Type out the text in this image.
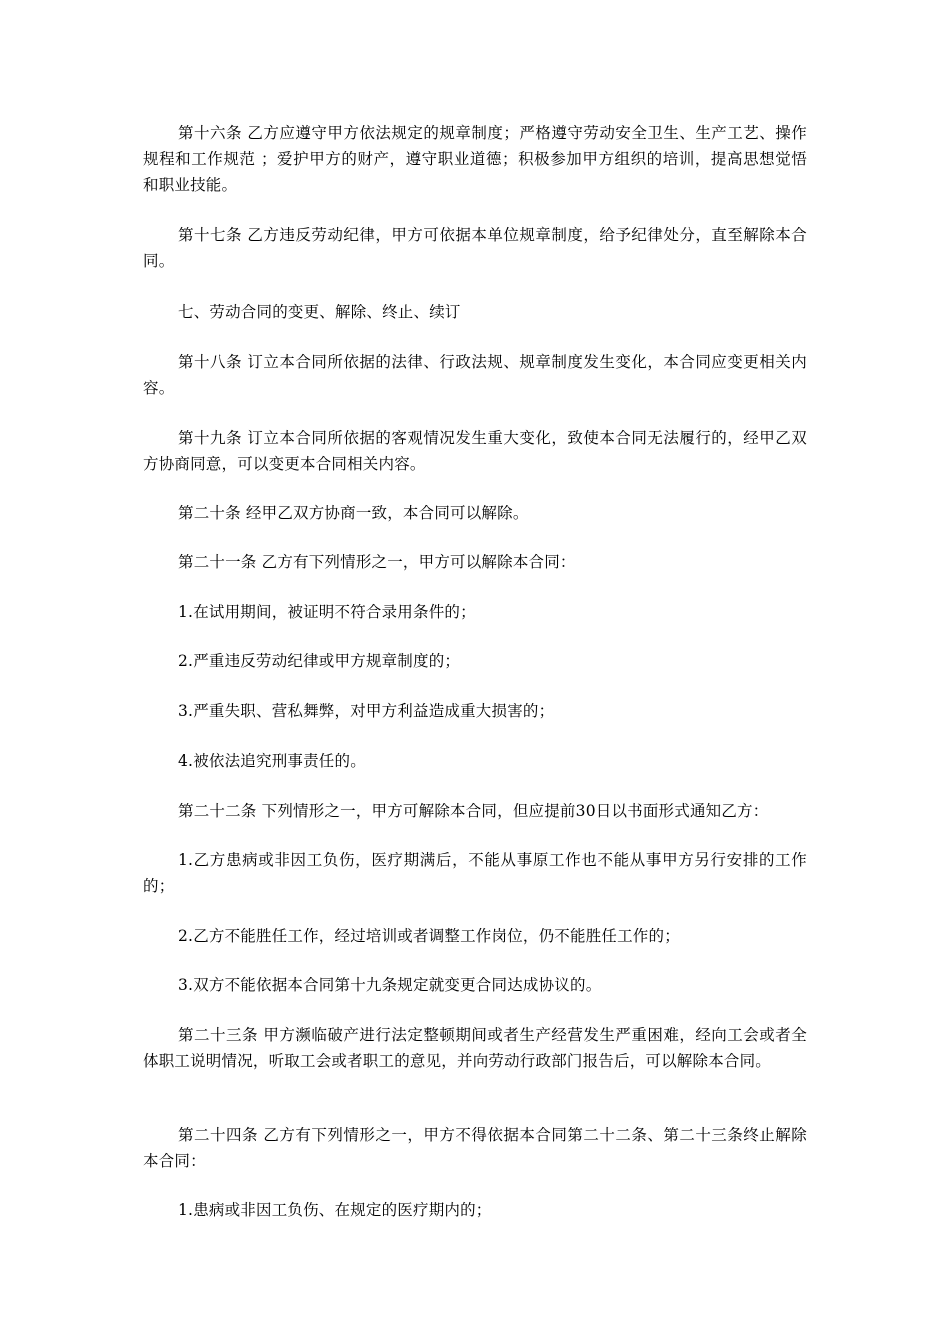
第十六条 乙方应遵守甲方依法规定的规章制度；严格遵守劳动安全卫生、生产工艺、操作规程和工作规范 ；爱护甲方的财产，遵守职业道德；积极参加甲方组织的培训，提高思想觉悟和职业技能。

第十七条 乙方违反劳动纪律，甲方可依据本单位规章制度，给予纪律处分，直至解除本合同。

七、劳动合同的变更、解除、终止、续订

第十八条 订立本合同所依据的法律、行政法规、规章制度发生变化，本合同应变更相关内容。

第十九条 订立本合同所依据的客观情况发生重大变化，致使本合同无法履行的，经甲乙双方协商同意，可以变更本合同相关内容。

第二十条 经甲乙双方协商一致，本合同可以解除。

第二十一条 乙方有下列情形之一，甲方可以解除本合同：

1.在试用期间，被证明不符合录用条件的；

2.严重违反劳动纪律或甲方规章制度的；

3.严重失职、营私舞弊，对甲方利益造成重大损害的；

4.被依法追究刑事责任的。

第二十二条 下列情形之一，甲方可解除本合同，但应提前30日以书面形式通知乙方：

1.乙方患病或非因工负伤，医疗期满后，不能从事原工作也不能从事甲方另行安排的工作的；

2.乙方不能胜任工作，经过培训或者调整工作岗位，仍不能胜任工作的；

3.双方不能依据本合同第十九条规定就变更合同达成协议的。

第二十三条 甲方濒临破产进行法定整顿期间或者生产经营发生严重困难，经向工会或者全体职工说明情况，听取工会或者职工的意见，并向劳动行政部门报告后，可以解除本合同。

第二十四条 乙方有下列情形之一，甲方不得依据本合同第二十二条、第二十三条终止解除本合同：

1.患病或非因工负伤、在规定的医疗期内的；
